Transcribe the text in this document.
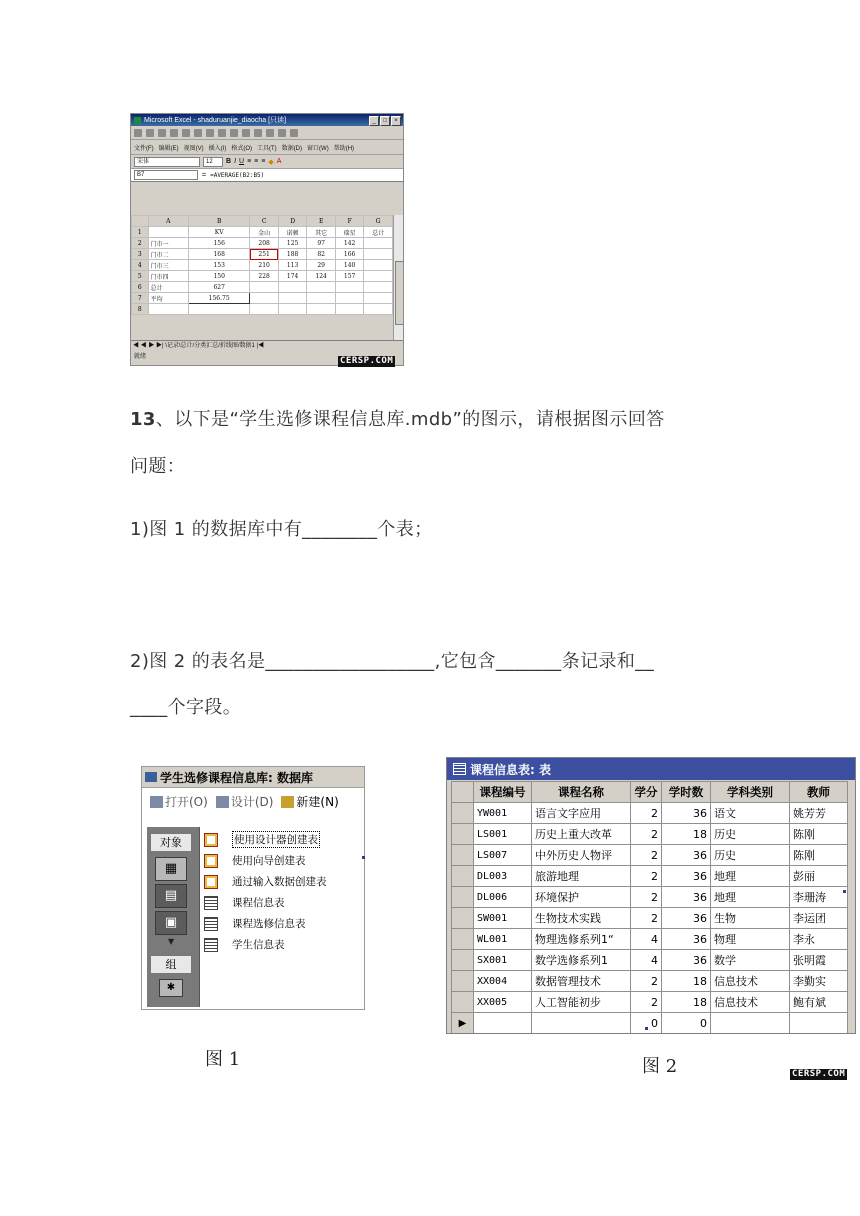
Microsoft Excel - shaduruanjie_diaocha [只读]	_	□	×
文件(F) 编辑(E) 视图(V) 插入(I) 格式(O) 工具(T) 数据(D) 窗口(W) 帮助(H)
宋体	12	B I U ≡ ≡ ≡ ◆ A
B7	= =AVERAGE(B2:B5)
	A	B	C	D	E	F	G
1		KV	金山	诺顿	其它	瑞星	总计
2	门市一	156	208	125	97	142	
3	门市二	168	251	188	82	166	
4	门市三	153	210	113	29	140	
5	门市四	150	228	174	124	157	
6	总计	627					
7	平均	156.75					
8							
◀ ◀ ▶ ▶| \记录\总计/分类汇总/折线图/数据1 |◀
就绪	CERSP.COM
13、以下是“学生选修课程信息库.mdb”的图示，请根据图示回答
问题：
1)图 1 的数据库中有________个表；
2)图 2 的表名是__________________,它包含_______条记录和__
____个字段。
学生选修课程信息库: 数据库
打开(O)	设计(D)	新建(N)
对象
▦
▤
▣
▼
组
✱
使用设计器创建表
使用向导创建表
通过输入数据创建表
课程信息表
课程选修信息表
学生信息表
图 1
课程信息表: 表
	课程编号	课程名称	学分	学时数	学科类别	教师
	YW001	语言文字应用	2	36	语文	姚芳芳
	LS001	历史上重大改革	2	18	历史	陈刚
	LS007	中外历史人物评	2	36	历史	陈刚
	DL003	旅游地理	2	36	地理	彭丽
	DL006	环境保护	2	36	地理	李珊涛
	SW001	生物技术实践	2	36	生物	李运团
	WL001	物理选修系列1“	4	36	物理	李永
	SX001	数学选修系列1	4	36	数学	张明霞
	XX004	数据管理技术	2	18	信息技术	李勤实
	XX005	人工智能初步	2	18	信息技术	鲍有斌
▶			0	0		
图 2	CERSP.COM
